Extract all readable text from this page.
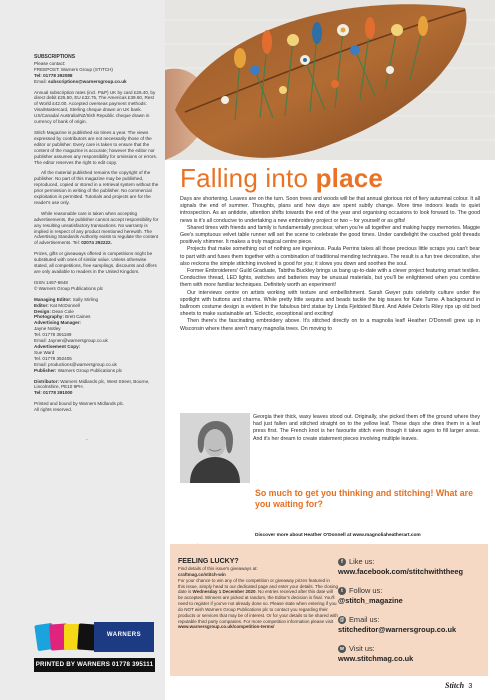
SUBSCRIPTIONS
Please contact:
FREEPOST: Warners Group (STITCH)
Tel: 01778 392088
Email: subscriptions@warnersgroup.co.uk

Annual subscription rates (incl. P&P) UK by card £26.40, by direct debit £25.50, EU £32.75, The Americas £39.60, Rest of World £42.00. Accepted overseas payment methods: Visa/Mastercard, Sterling cheque drawn on UK bank. US/Canada/ Australia/NZ/Irish Republic cheque drawn in currency of bank of origin.

Stitch Magazine is published six times a year. The views expressed by contributors are not necessarily those of the editor or publisher. Every care is taken to ensure that the content of the magazine is accurate; however the editor nor publisher assumes any responsibility for omissions or errors. The editor reserves the right to edit copy.

All the material published remains the copyright of the publisher. No part of this magazine may be published, reproduced, copied or stored in a retrieval system without the prior permission in writing of the publisher. No commercial exploitation is permitted. Tutorials and projects are for the reader's use only.

While reasonable care is taken when accepting advertisements, the publisher cannot accept responsibility for any resulting unsatisfactory transactions. No warranty is implied in respect of any product mentioned herewith. The Advertising Standards Authority exists to regulate the content of advertisements. Tel: 02074 292222.

Prizes, gifts or giveaways offered in competitions might be substituted with ones of similar value. Unless otherwise stated, all competitions, free samplings, discounts and offers are only available to readers in the United Kingdom.

ISSN 1467-6648
© Warners Group Publications plc

Managing Editor: Sally Stirling
Editor: Kat McDonnell
Design: Dean Cole
Photography: Brett Caines
Advertising Manager:
Jayne Notley
Tel. 01778 391189
Email: Jaynen@warnersgroup.co.uk
Advertisement Copy:
Sue Ward
Tel. 01778 392405
Email: productions@warnersgroup.co.uk
Publisher: Warners Group Publications plc

Distributor: Warners Midlands plc, West Street, Bourne, Lincolnshire, PE10 9PH.
Tel: 01778 391000

Printed and bound by Warners Midlands plc.
All rights reserved.

WARNERS
PRINTED BY WARNERS 01778 395111
Falling into place

Days are shortening. Leaves are on the turn. Soon trees and woods will be that annual glorious riot of fiery autumnal colour. It all signals the end of summer. Thoughts, plans and how days are spent subtly change. More time indoors leads to quiet introspection. As an antidote, attention shifts towards the end of the year and organising occasions to look forward to. The good news is it's all conducive to undertaking a new embroidery project or two – for yourself or as gifts!

Shared times with friends and family is fundamentally precious; when you're all together and making happy memories. Maggie Gee's sumptuous velvet table runner will set the scene to celebrate the good times. Under candlelight the couched gold threads positively shimmer. It makes a truly magical centre piece.

Projects that make something out of nothing are ingenious. Paula Perrins takes all those precious little scraps you can't bear to part with and fuses them together with a combination of traditional mending techniques. The result is a fun tree decoration, she also reckons the simple stitching involved is good for you; it slows you down and soothes the soul.

Former Embroiderers' Guild Graduate, Tabitha Buckley brings us bang up-to-date with a clever project featuring smart textiles. Conductive thread, LED lights, switches and batteries may be unusual materials, but you'll be enlightened when you combine them with more familiar techniques. Definitely worth an experiment!

Our interviews centre on artists working with texture and embellishment. Sarah Gwyer puts celebrity culture under the spotlight with buttons and charms. While pretty little sequins and beads tackle the big issues for Kate Turne. A background in ballroom costume design is evident in the fabulous bird statue by Linda Fjeldsted Blunt. And Adele Delorís Riley rips up old bed sheets to make sustainable art. 'Eclectic, exceptional and exciting!

Then there's the fascinating embroidery above. It's stitched directly on to a magnolia leaf! Heather O'Donnell grew up in Wisconsin where there aren't many magnolia trees. On moving to

Georgia their thick, waxy leaves stood out. Originally, she picked them off the ground where they had just fallen and stitched straight on to the yellow leaf. These days she dries them in a leaf press first. The French knot is her favourite stitch even though it takes ages to fill larger areas. And it's her dream to create statement pieces involving multiple leaves.
So much to get you thinking and stitching! What are you waiting for?
Kat
Discover more about Heather O'Donnell at www.magnoliaheatherart.com
FEELING LUCKY?
Find details of this issue's giveaways at:
craftmag.co/stitch-win
For your chance to win any of the competition or giveaway prizes featured in this issue, simply head to our dedicated page and enter your details. The closing date is Wednesday 1 December 2020. No entries received after this date will be accepted. Winners are picked at random, the Editor's decision is final. You'll need to register if you've not already done so. Please state when entering if you do NOT wish Warners Group Publications plc to contact you regarding their products or services that may be of interest. Or for your details to be shared with reputable third party companies. For more competition information please visit
www.warnersgroup.co.uk/competition-terms/
f Like us:
www.facebook.com/stitchwiththeeg
t Follow us:
@stitch_magazine
@ Email us:
stitcheditor@warnersgroup.co.uk
w Visit us:
www.stitchmag.co.uk
Stitch 3
